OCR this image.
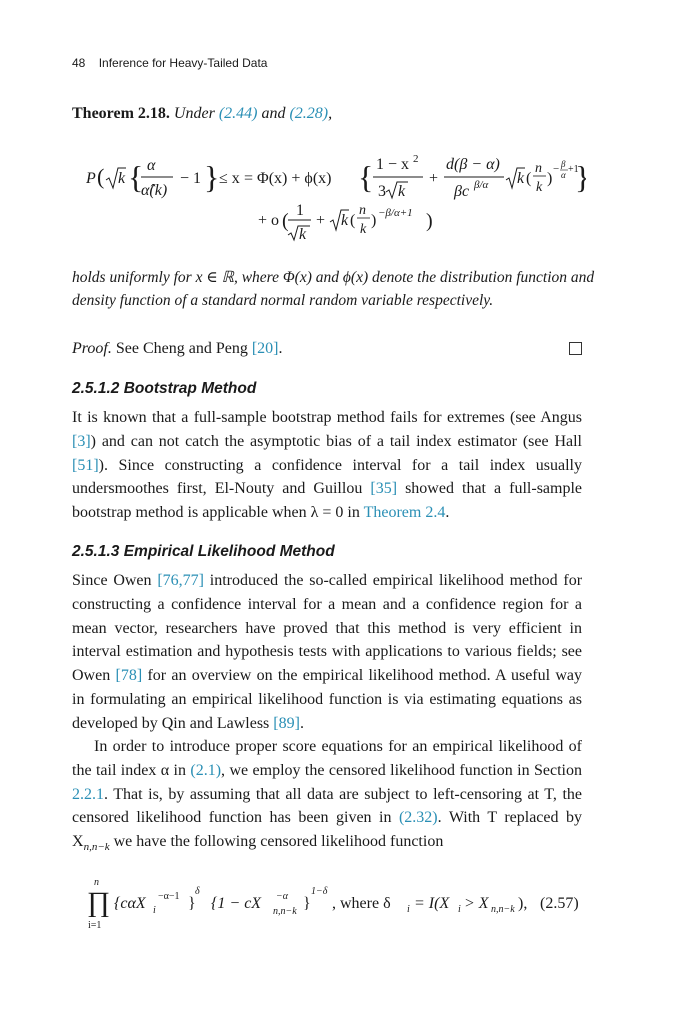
48 Inference for Heavy-Tailed Data
Theorem 2.18. Under (2.44) and (2.28),
P ( k { α
α̂(k)
− 1 } ≤ x = Φ(x) + ϕ(x) { 1 − x 2
3 k
+
d(β − α)
βc β/α k (
n
k
)
− β
α +1
+ o ( 1
k
+ k (
n
k
) −β/α+1 )
holds uniformly for x ∈ ℝ, where Φ(x) and ϕ(x) denote the distribution function and density function of a standard normal random variable respectively.
Proof. See Cheng and Peng [20].
2.5.1.2 Bootstrap Method

It is known that a full-sample bootstrap method fails for extremes (see Angus [3]) and can not catch the asymptotic bias of a tail index estimator (see Hall [51]). Since constructing a confidence interval for a tail index usually undersmoothes first, El-Nouty and Guillou [35] showed that a full-sample bootstrap method is applicable when λ = 0 in Theorem 2.4.

2.5.1.3 Empirical Likelihood Method

Since Owen [76,77] introduced the so-called empirical likelihood method for constructing a confidence interval for a mean and a confidence region for a mean vector, researchers have proved that this method is very efficient in interval estimation and hypothesis tests with applications to various fields; see Owen [78] for an overview on the empirical likelihood method. A useful way in formulating an empirical likelihood function is via estimating equations as developed by Qin and Lawless [89].

In order to introduce proper score equations for an empirical likelihood of the tail index α in (2.1), we employ the censored likelihood function in Section 2.2.1. That is, by assuming that all data are subject to left-censoring at T, the censored likelihood function has been given in (2.32). With T replaced by $X_{n,n-k}$ we have the following censored likelihood function

n
∏
i=1
{cαX i
−α−1 }
δ
{1 − cX n,n−k
−α }
1−δ
, where δ i = I(X i > X n,n−k ), (2.57)
